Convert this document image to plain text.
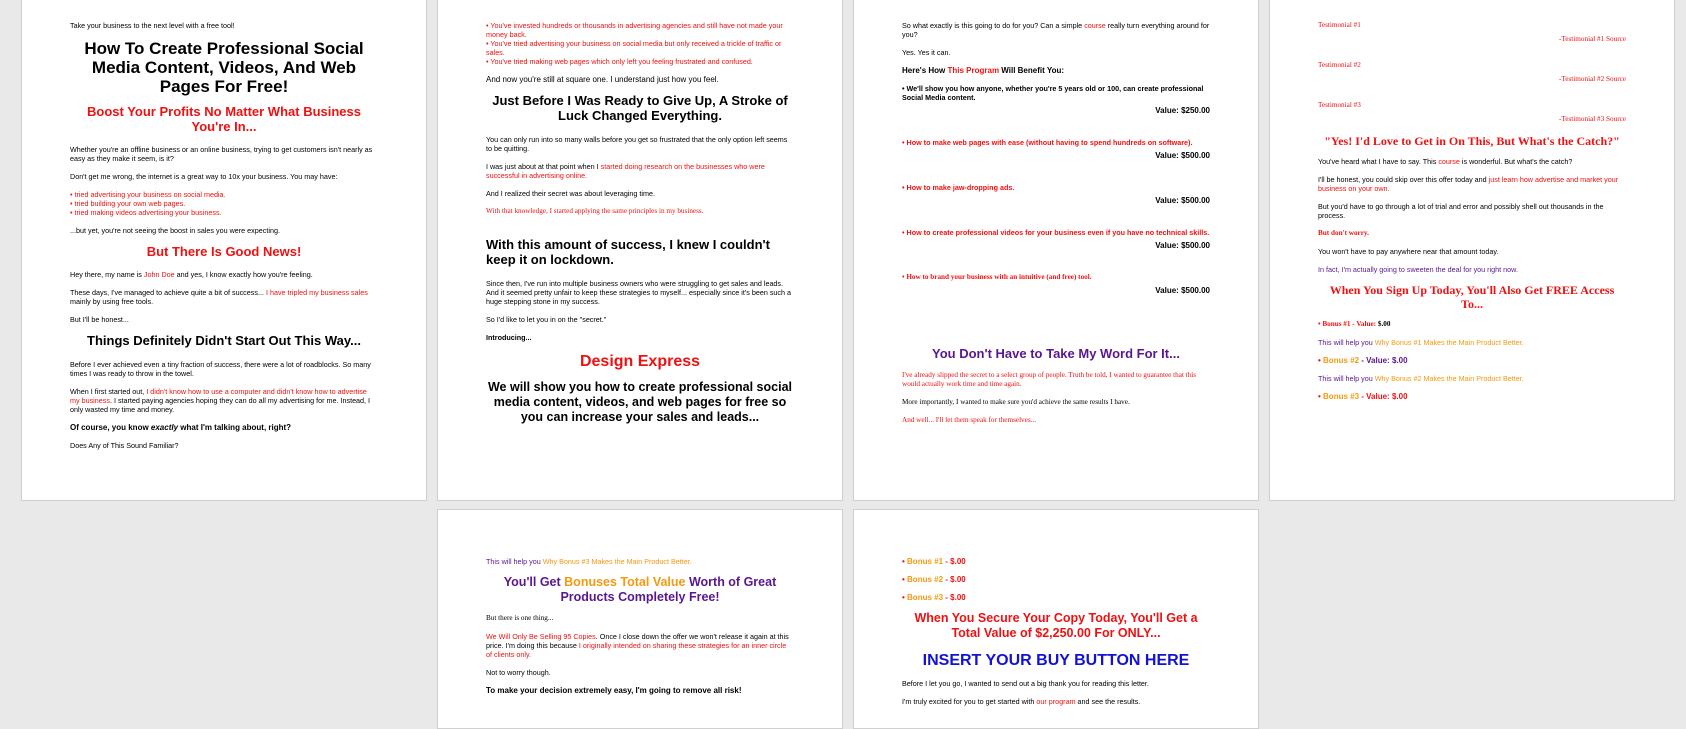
Take your business to the next level with a free tool!

How To Create Professional Social Media Content, Videos, And Web Pages For Free!
Boost Your Profits No Matter What Business You're In...

Whether you're an offline business or an online business, trying to get customers isn't nearly as easy as they make it seem, is it?

Don't get me wrong, the internet is a great way to 10x your business. You may have:

• tried advertising your business on social media.

• tried building your own web pages.

• tried making videos advertising your business.

...but yet, you're not seeing the boost in sales you were expecting.

But There Is Good News!

Hey there, my name is John Doe and yes, I know exactly how you're feeling.

These days, I've managed to achieve quite a bit of success... I have tripled my business sales mainly by using free tools.

But I'll be honest...

Things Definitely Didn't Start Out This Way...

Before I ever achieved even a tiny fraction of success, there were a lot of roadblocks. So many times I was ready to throw in the towel.

When I first started out, I didn't know how to use a computer and didn't know how to advertise my business. I started paying agencies hoping they can do all my advertising for me. Instead, I only wasted my time and money.

Of course, you know exactly what I'm talking about, right?

Does Any of This Sound Familiar?

• You've invested hundreds or thousands in advertising agencies and still have not made your money back.

• You've tried advertising your business on social media but only received a trickle of traffic or sales.

• You've tried making web pages which only left you feeling frustrated and confused.

And now you're still at square one. I understand just how you feel.

Just Before I Was Ready to Give Up, A Stroke of Luck Changed Everything.

You can only run into so many walls before you get so frustrated that the only option left seems to be quitting.

I was just about at that point when I started doing research on the businesses who were successful in advertising online.

And I realized their secret was about leveraging time.

With that knowledge, I started applying the same principles in my business.

With this amount of success, I knew I couldn't keep it on lockdown.

Since then, I've run into multiple business owners who were struggling to get sales and leads. And it seemed pretty unfair to keep these strategies to myself... especially since it's been such a huge stepping stone in my success.

So I'd like to let you in on the "secret."

Introducing...

Design Express
We will show you how to create professional social media content, videos, and web pages for free so you can increase your sales and leads...

So what exactly is this going to do for you? Can a simple course really turn everything around for you?

Yes. Yes it can.

Here's How This Program Will Benefit You:

• We'll show you how anyone, whether you're 5 years old or 100, can create professional Social Media content.

Value: $250.00

• How to make web pages with ease (without having to spend hundreds on software).

Value: $500.00

• How to make jaw-dropping ads.

Value: $500.00

• How to create professional videos for your business even if you have no technical skills.

Value: $500.00

• How to brand your business with an intuitive (and free) tool.

Value: $500.00
You Don't Have to Take My Word For It...

I've already slipped the secret to a select group of people. Truth be told, I wanted to guarantee that this would actually work time and time again.

More importantly, I wanted to make sure you'd achieve the same results I have.

And well... I'll let them speak for themselves...

Testimonial #1

-Testimonial #1 Source

Testimonial #2

-Testimonial #2 Source

Testimonial #3

-Testimonial #3 Source

"Yes! I'd Love to Get in On This, But What's the Catch?"

You've heard what I have to say. This course is wonderful. But what's the catch?

I'll be honest, you could skip over this offer today and just learn how advertise and market your business on your own.

But you'd have to go through a lot of trial and error and possibly shell out thousands in the process.

But don't worry.

You won't have to pay anywhere near that amount today.

In fact, I'm actually going to sweeten the deal for you right now.

When You Sign Up Today, You'll Also Get FREE Access To...

• Bonus #1 - Value: $.00

This will help you Why Bonus #1 Makes the Main Product Better.

• Bonus #2 - Value: $.00

This will help you Why Bonus #2 Makes the Main Product Better.

• Bonus #3 - Value: $.00

This will help you Why Bonus #3 Makes the Main Product Better.

You'll Get Bonuses Total Value Worth of Great Products Completely Free!

But there is one thing...

We Will Only Be Selling 95 Copies. Once I close down the offer we won't release it again at this price. I'm doing this because I originally intended on sharing these strategies for an inner circle of clients only.

Not to worry though.

To make your decision extremely easy, I'm going to remove all risk!

• Bonus #1 - $.00

• Bonus #2 - $.00

• Bonus #3 - $.00

When You Secure Your Copy Today, You'll Get a Total Value of $2,250.00 For ONLY...
INSERT YOUR BUY BUTTON HERE

Before I let you go, I wanted to send out a big thank you for reading this letter.

I'm truly excited for you to get started with our program and see the results.
